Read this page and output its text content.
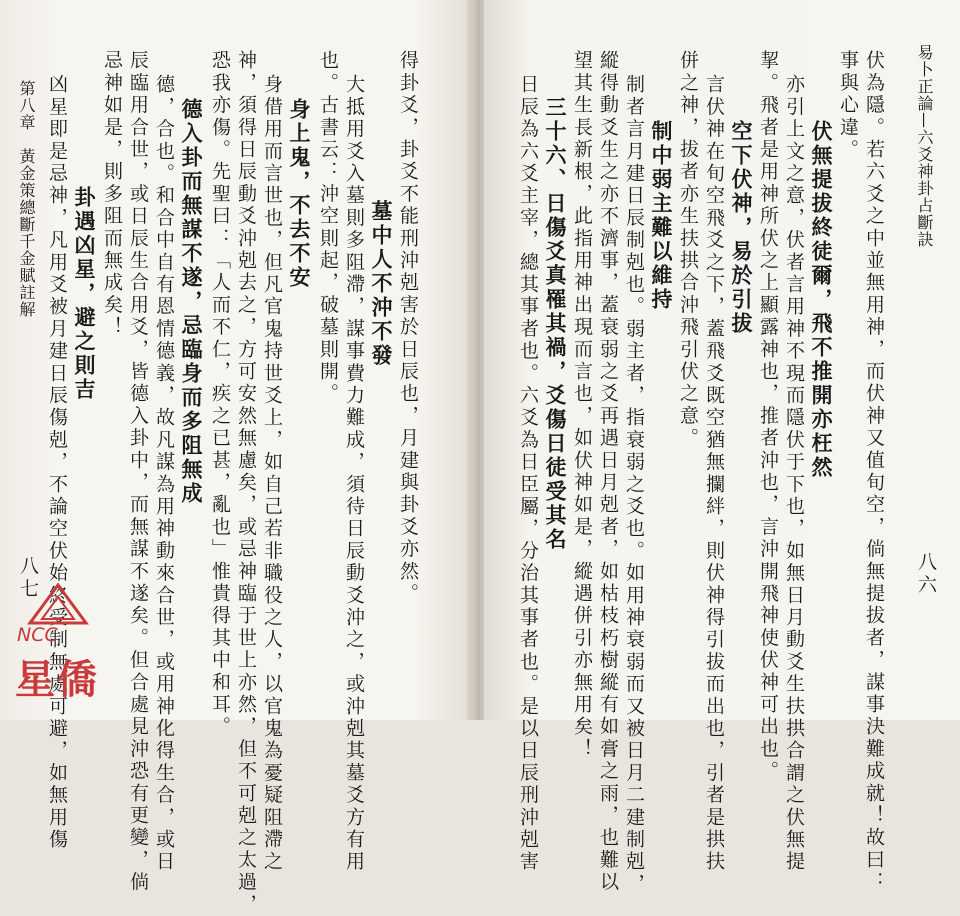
得卦爻，卦爻不能刑沖剋害於日辰也，月建與卦爻亦然。
墓中人不沖不發
大抵用爻入墓則多阻滯，謀事費力難成，須待日辰動爻沖之，或沖剋其墓爻方有用
也。古書云：沖空則起，破墓則開。
身上鬼，不去不安
身借用而言世也，但凡官鬼持世爻上，如自己若非職役之人，以官鬼為憂疑阻滯之
神，須得日辰動爻沖剋去之，方可安然無慮矣，或忌神臨于世上亦然，但不可剋之太過，
恐我亦傷。先聖曰：「人而不仁，疾之已甚，亂也」惟貴得其中和耳。
德入卦而無謀不遂，忌臨身而多阻無成
德，合也。和合中自有恩情德義，故凡謀為用神動來合世，或用神化得生合，或日
辰臨用合世，或日辰生合用爻，皆德入卦中，而無謀不遂矣。但合處見沖恐有更變，倘
忌神如是，則多阻而無成矣！
卦遇凶星，避之則吉
凶星即是忌神，凡用爻被月建日辰傷剋，不論空伏始終受制無處可避，如無用傷
第八章　黃金策總斷千金賦註解
八七
NCC
星僑
易卜正論—六爻神卦占斷訣
八六
伏為隱。若六爻之中並無用神，而伏神又值旬空，倘無提拔者，謀事決難成就！故曰：
事與心違。
伏無提拔終徒爾，飛不推開亦枉然
亦引上文之意，伏者言用神不現而隱伏于下也，如無日月動爻生扶拱合謂之伏無提
挈。飛者是用神所伏之上顯露神也，推者沖也，言沖開飛神使伏神可出也。
空下伏神，易於引拔
言伏神在旬空飛爻之下，蓋飛爻既空猶無攔絆，則伏神得引拔而出也，引者是拱扶
併之神，拔者亦生扶拱合沖飛引伏之意。
制中弱主難以維持
制者言月建日辰制剋也。弱主者，指衰弱之爻也。如用神衰弱而又被日月二建制剋，
縱得動爻生之亦不濟事，蓋衰弱之爻再遇日月剋者，如枯枝朽樹縱有如膏之雨，也難以
望其生長新根，此指用神出現而言也，如伏神如是，縱遇併引亦無用矣！
三十六、日傷爻真罹其禍，爻傷日徒受其名
日辰為六爻主宰，總其事者也。六爻為日臣屬，分治其事者也。是以日辰刑沖剋害
